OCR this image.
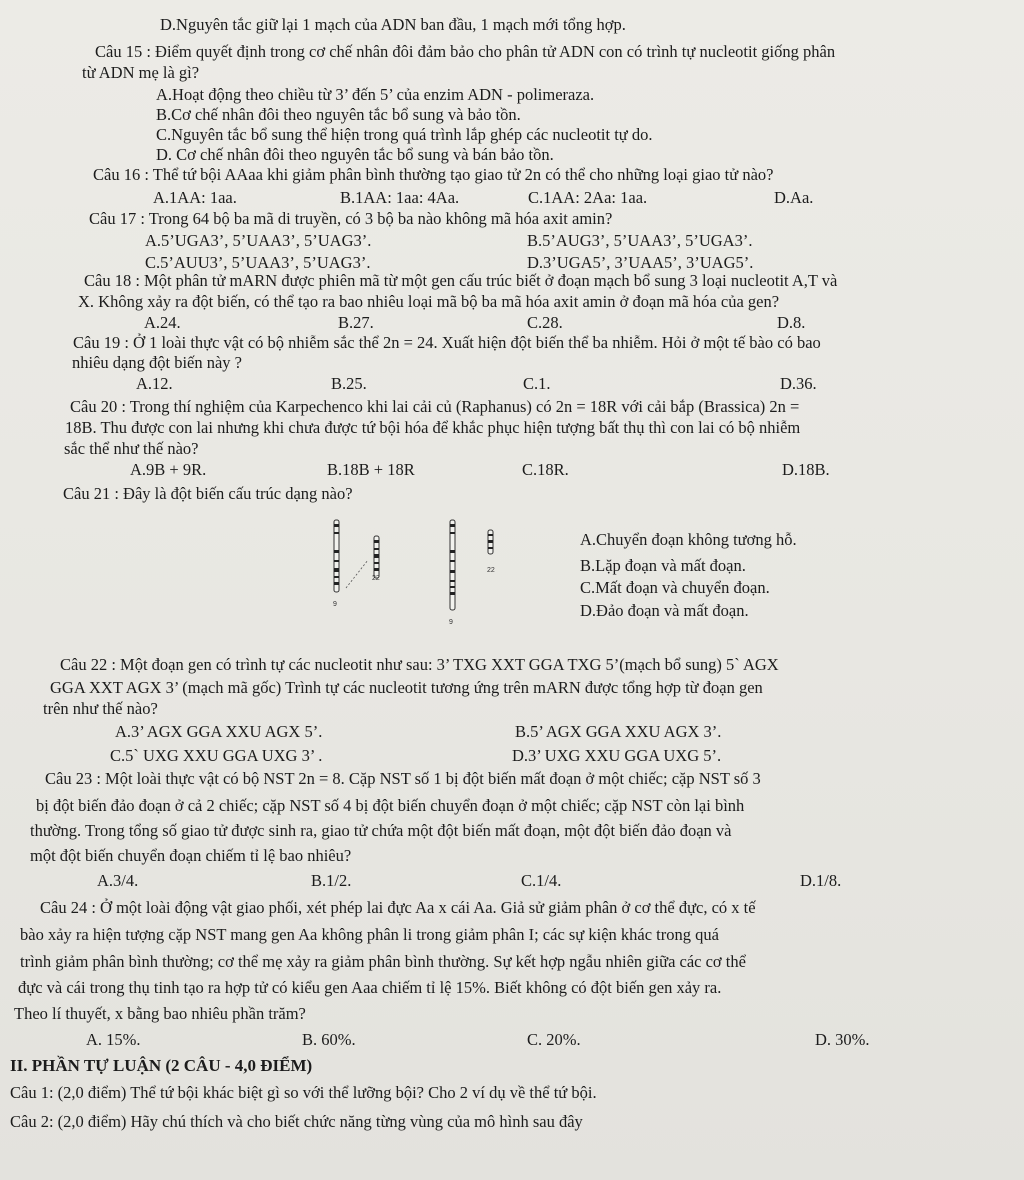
D.Nguyên tắc giữ lại 1 mạch của ADN ban đầu, 1 mạch mới tổng hợp.
Câu 15 : Điểm quyết định trong cơ chế nhân đôi đảm bảo cho phân tử ADN con có trình tự nucleotit giống phân
từ ADN mẹ là gì?
A.Hoạt động theo chiều từ 3’ đến 5’ của enzim ADN - polimeraza.
B.Cơ chế nhân đôi theo nguyên tắc bổ sung và bảo tồn.
C.Nguyên tắc bổ sung thể hiện trong quá trình lắp ghép các nucleotit tự do.
D. Cơ chế nhân đôi theo nguyên tắc bổ sung và bán bảo tồn.
Câu 16 : Thể tứ bội AAaa khi giảm phân bình thường tạo giao tử 2n có thể cho những loại giao tử nào?
A.1AA: 1aa.	B.1AA: 1aa: 4Aa.	C.1AA: 2Aa: 1aa.	D.Aa.
Câu 17 : Trong 64 bộ ba mã di truyền, có 3 bộ ba nào không mã hóa axit amin?
A.5’UGA3’, 5’UAA3’, 5’UAG3’.	B.5’AUG3’, 5’UAA3’, 5’UGA3’.
C.5’AUU3’, 5’UAA3’, 5’UAG3’.	D.3’UGA5’, 3’UAA5’, 3’UAG5’.
Câu 18 : Một phân tử mARN được phiên mã từ một gen cấu trúc biết ở đoạn mạch bổ sung 3 loại nucleotit A,T và
X. Không xảy ra đột biến, có thể tạo ra bao nhiêu loại mã bộ ba mã hóa axit amin ở đoạn mã hóa của gen?
A.24.	B.27.	C.28.	D.8.
Câu 19 : Ở 1 loài thực vật có bộ nhiễm sắc thể 2n = 24. Xuất hiện đột biến thể ba nhiễm. Hỏi ở một tế bào có bao
nhiêu dạng đột biến này ?
A.12.	B.25.	C.1.	D.36.
Câu 20 : Trong thí nghiệm của Karpechenco khi lai cải củ (Raphanus) có 2n = 18R với cải bắp (Brassica) 2n =
18B. Thu được con lai nhưng khi chưa được tứ bội hóa để khắc phục hiện tượng bất thụ thì con lai có bộ nhiễm
sắc thể như thế nào?
A.9B + 9R.	B.18B + 18R	C.18R.	D.18B.
Câu 21 : Đây là đột biến cấu trúc dạng nào?
9
22
9
22
A.Chuyển đoạn không tương hỗ.
B.Lặp đoạn và mất đoạn.
C.Mất đoạn và chuyển đoạn.
D.Đảo đoạn và mất đoạn.
Câu 22 : Một đoạn gen có trình tự các nucleotit như sau: 3’ TXG XXT GGA TXG 5’(mạch bổ sung) 5` AGX
GGA XXT AGX 3’ (mạch mã gốc) Trình tự các nucleotit tương ứng trên mARN được tổng hợp từ đoạn gen
trên như thế nào?
A.3’ AGX GGA XXU AGX 5’.	B.5’ AGX GGA XXU AGX 3’.
C.5` UXG XXU GGA UXG 3’ .	D.3’ UXG XXU GGA UXG 5’.
Câu 23 : Một loài thực vật có bộ NST 2n = 8. Cặp NST số 1 bị đột biến mất đoạn ở một chiếc; cặp NST số 3
bị đột biến đảo đoạn ở cả 2 chiếc; cặp NST số 4 bị đột biến chuyển đoạn ở một chiếc; cặp NST còn lại bình
thường. Trong tổng số giao tử được sinh ra, giao tử chứa một đột biến mất đoạn, một đột biến đảo đoạn và
một đột biến chuyển đoạn chiếm tỉ lệ bao nhiêu?
A.3/4.	B.1/2.	C.1/4.	D.1/8.
Câu 24 : Ở một loài động vật giao phối, xét phép lai đực Aa x cái Aa. Giả sử giảm phân ở cơ thể đực, có x tế
bào xảy ra hiện tượng cặp NST mang gen Aa không phân li trong giảm phân I; các sự kiện khác trong quá
trình giảm phân bình thường; cơ thể mẹ xảy ra giảm phân bình thường. Sự kết hợp ngẫu nhiên giữa các cơ thể
đực và cái trong thụ tinh tạo ra hợp tử có kiểu gen Aaa chiếm tỉ lệ 15%. Biết không có đột biến gen xảy ra.
Theo lí thuyết, x bằng bao nhiêu phần trăm?
A. 15%.	B. 60%.	C. 20%.	D. 30%.
II. PHẦN TỰ LUẬN (2 CÂU - 4,0 ĐIỂM)
Câu 1: (2,0 điểm) Thể tứ bội khác biệt gì so với thể lưỡng bội? Cho 2 ví dụ về thể tứ bội.
Câu 2: (2,0 điểm) Hãy chú thích và cho biết chức năng từng vùng của mô hình sau đây
